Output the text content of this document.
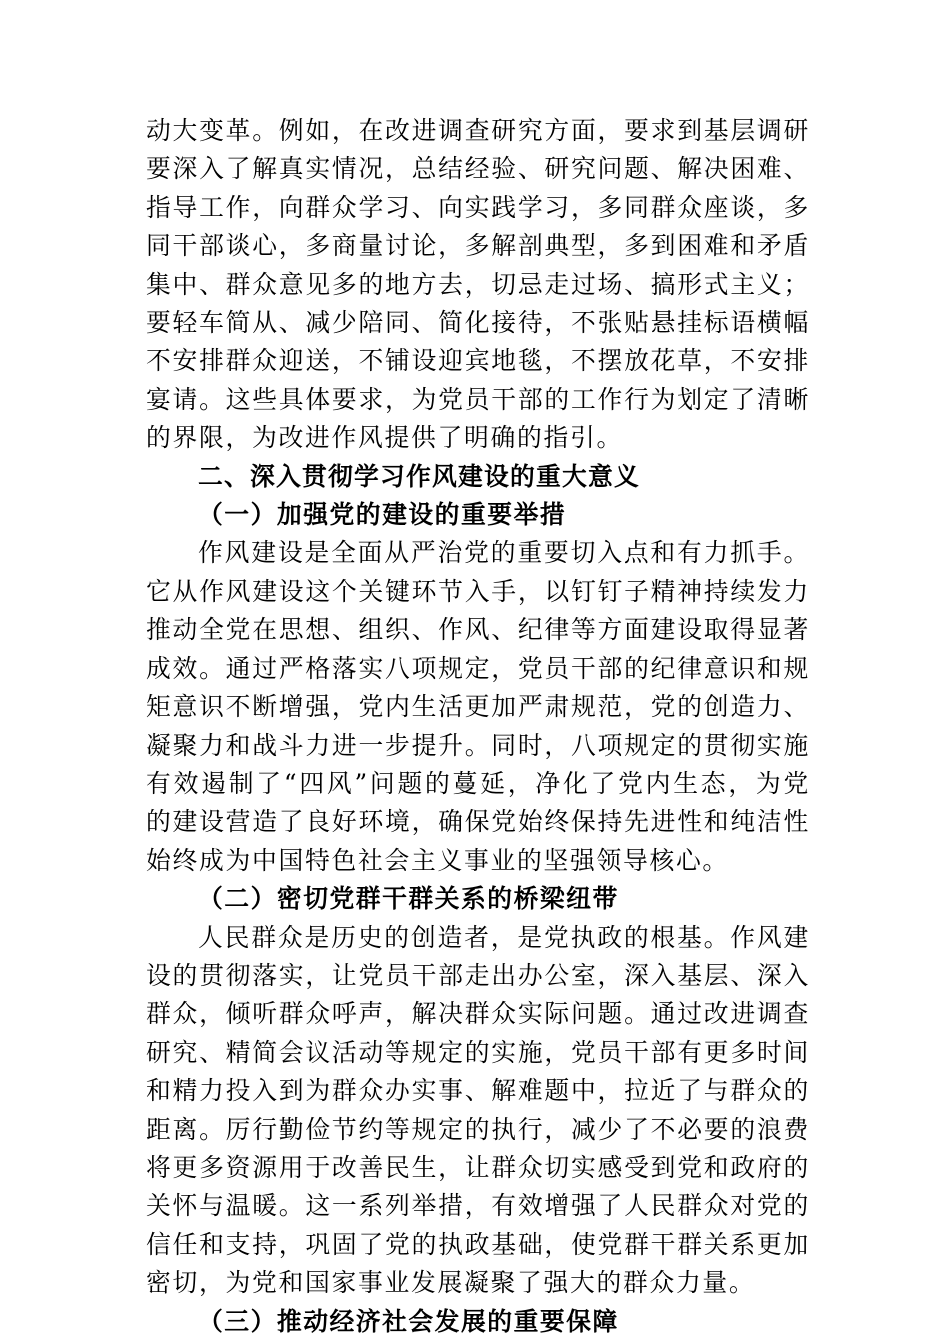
动大变革。例如，在改进调查研究方面，要求到基层调研要深入了解真实情况，总结经验、研究问题、解决困难、指导工作，向群众学习、向实践学习，多同群众座谈，多同干部谈心，多商量讨论，多解剖典型，多到困难和矛盾集中、群众意见多的地方去，切忌走过场、搞形式主义；要轻车简从、减少陪同、简化接待，不张贴悬挂标语横幅不安排群众迎送，不铺设迎宾地毯，不摆放花草，不安排宴请。这些具体要求，为党员干部的工作行为划定了清晰的界限，为改进作风提供了明确的指引。

二、深入贯彻学习作风建设的重大意义
（一）加强党的建设的重要举措

作风建设是全面从严治党的重要切入点和有力抓手。它从作风建设这个关键环节入手，以钉钉子精神持续发力推动全党在思想、组织、作风、纪律等方面建设取得显著成效。通过严格落实八项规定，党员干部的纪律意识和规矩意识不断增强，党内生活更加严肃规范，党的创造力、凝聚力和战斗力进一步提升。同时，八项规定的贯彻实施有效遏制了“四风”问题的蔓延，净化了党内生态，为党的建设营造了良好环境，确保党始终保持先进性和纯洁性始终成为中国特色社会主义事业的坚强领导核心。

（二）密切党群干群关系的桥梁纽带

人民群众是历史的创造者，是党执政的根基。作风建设的贯彻落实，让党员干部走出办公室，深入基层、深入群众，倾听群众呼声，解决群众实际问题。通过改进调查研究、精简会议活动等规定的实施，党员干部有更多时间和精力投入到为群众办实事、解难题中，拉近了与群众的距离。厉行勤俭节约等规定的执行，减少了不必要的浪费将更多资源用于改善民生，让群众切实感受到党和政府的关怀与温暖。这一系列举措，有效增强了人民群众对党的信任和支持，巩固了党的执政基础，使党群干群关系更加密切，为党和国家事业发展凝聚了强大的群众力量。

（三）推动经济社会发展的重要保障
